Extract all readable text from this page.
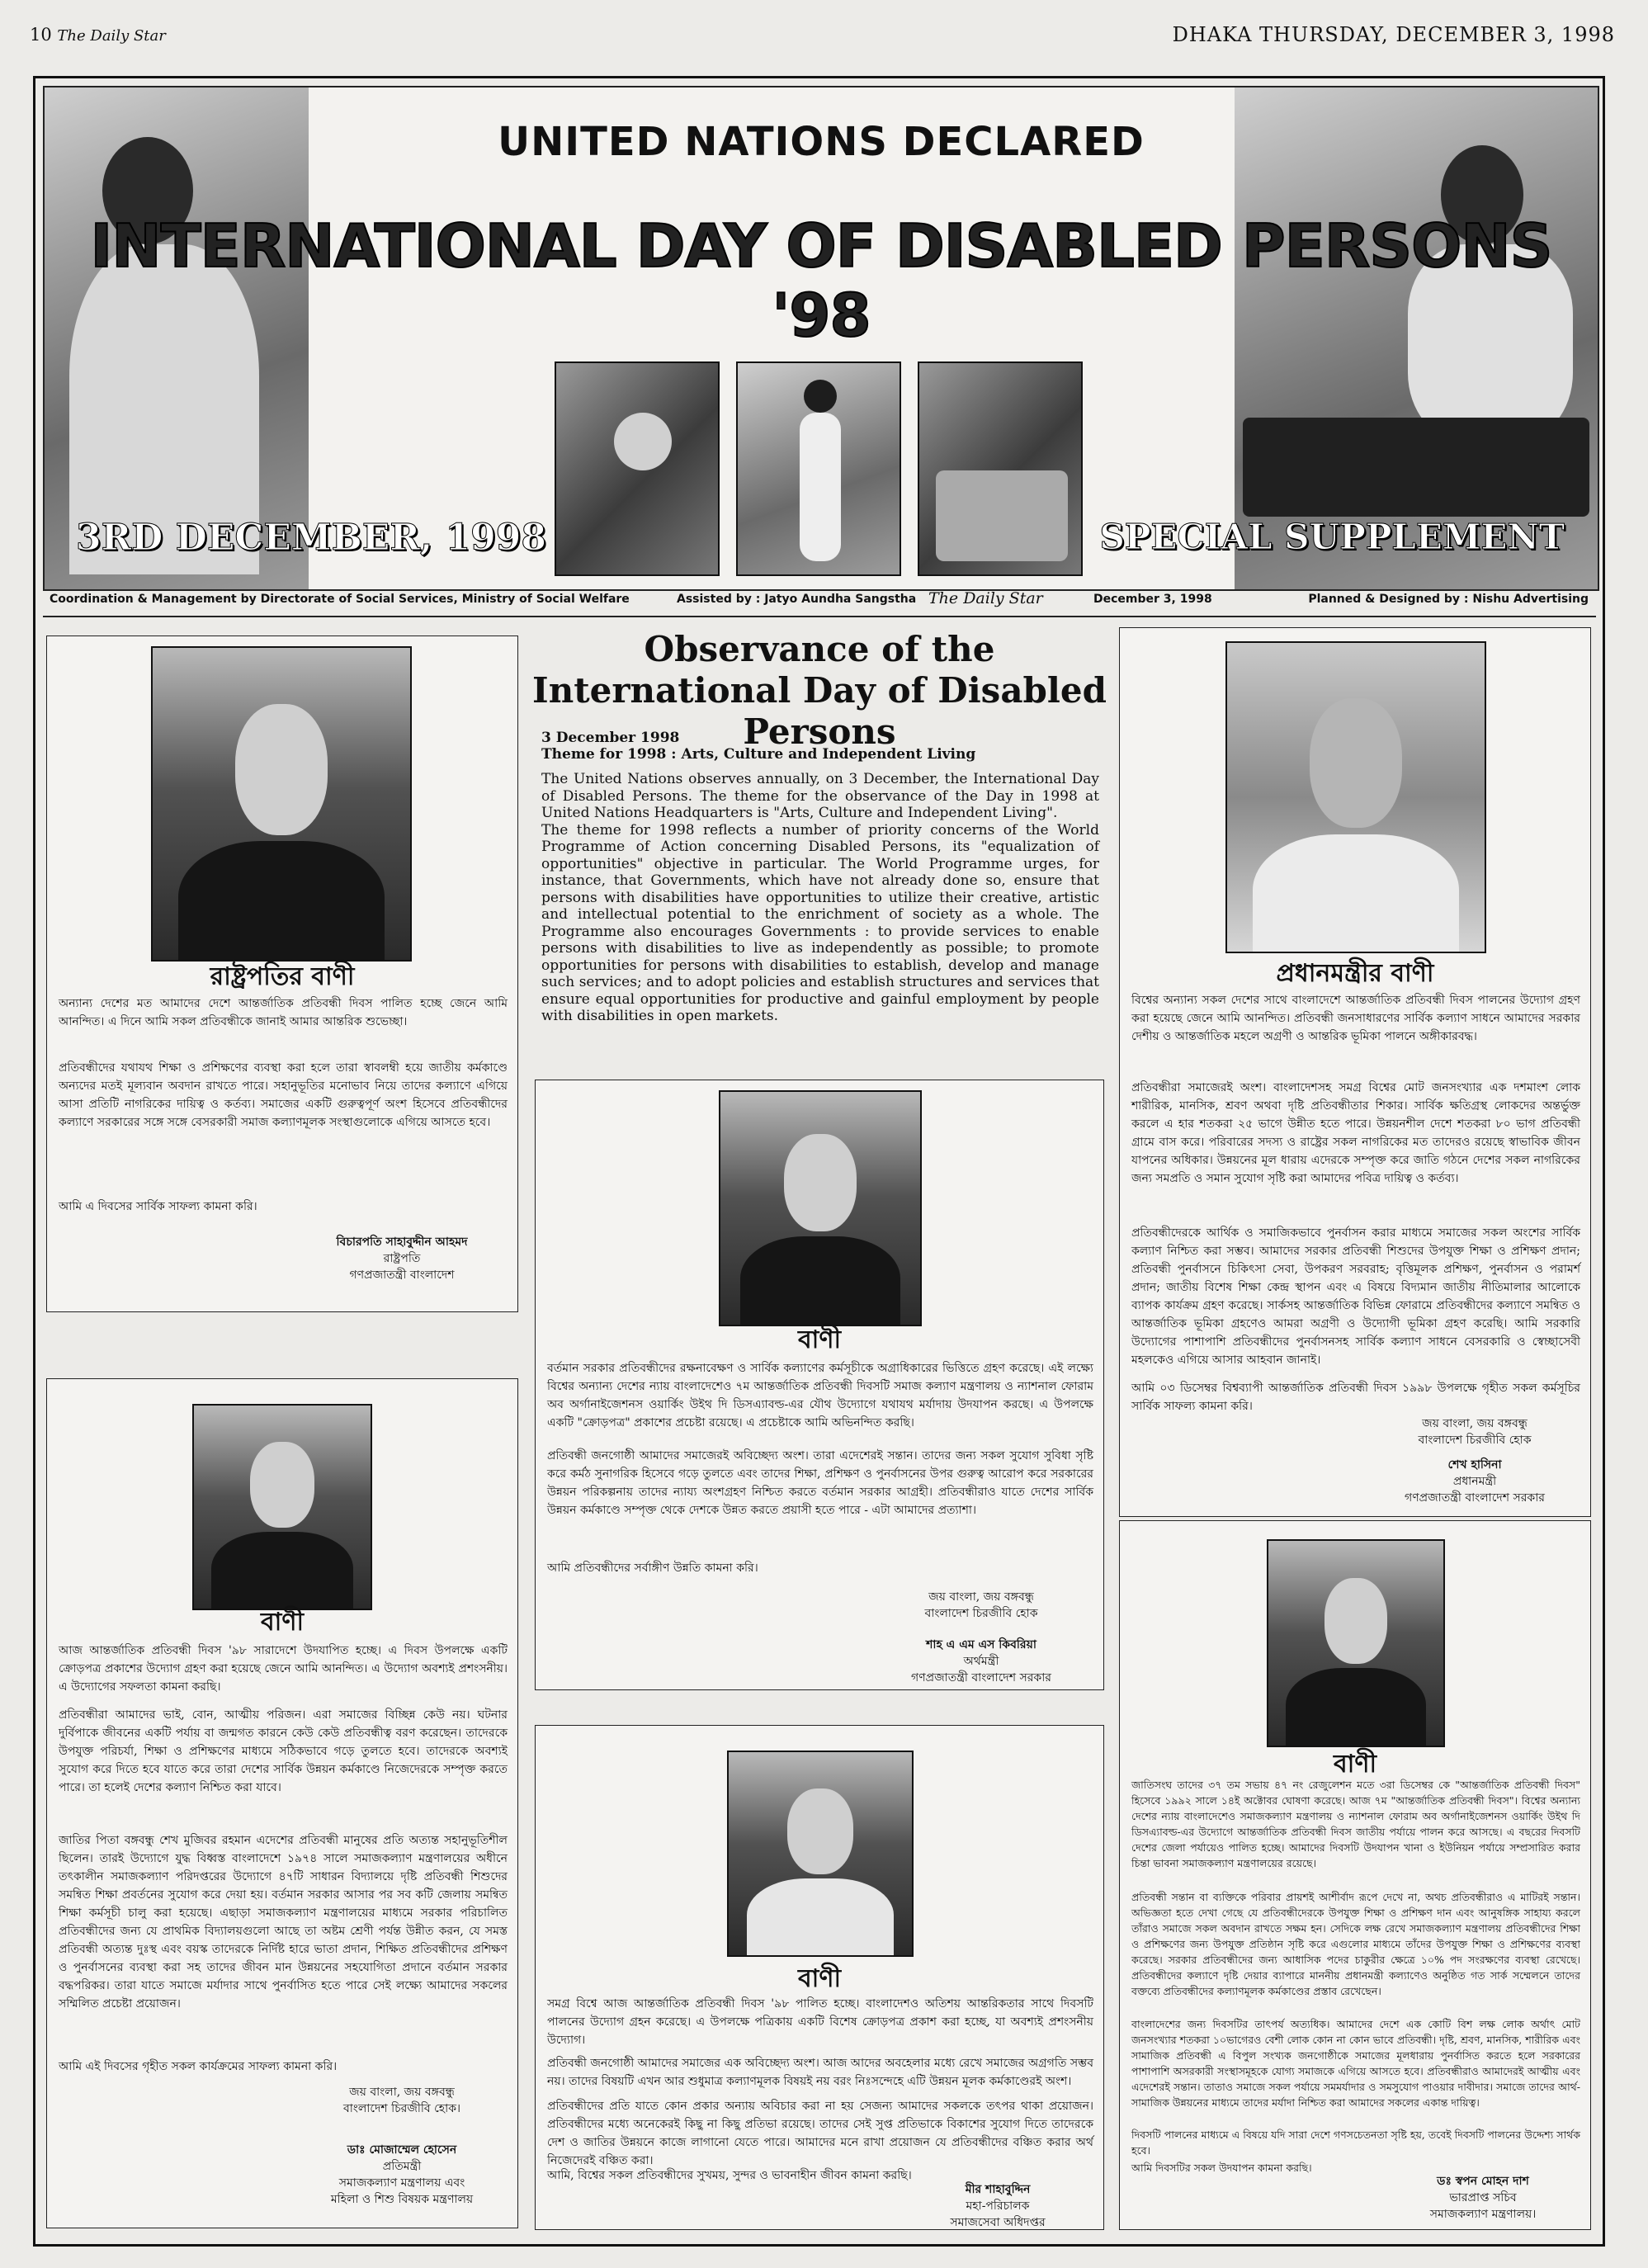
10 The Daily Star	DHAKA THURSDAY, DECEMBER 3, 1998
UNITED NATIONS DECLARED
INTERNATIONAL DAY OF DISABLED PERSONS '98
3RD DECEMBER, 1998	SPECIAL SUPPLEMENT
Coordination & Management by Directorate of Social Services, Ministry of Social Welfare	Assisted by : Jatyo Aundha Sangstha The Daily Star	December 3, 1998	Planned & Designed by : Nishu Advertising
রাষ্ট্রপতির বাণী
অন্যান্য দেশের মত আমাদের দেশে আন্তর্জাতিক প্রতিবন্ধী দিবস পালিত হচ্ছে জেনে আমি আনন্দিত। এ দিনে আমি সকল প্রতিবন্ধীকে জানাই আমার আন্তরিক শুভেচ্ছা।
প্রতিবন্ধীদের যথাযথ শিক্ষা ও প্রশিক্ষণের ব্যবস্থা করা হলে তারা স্বাবলম্বী হয়ে জাতীয় কর্মকাণ্ডে অন্যদের মতই মূল্যবান অবদান রাখতে পারে। সহানুভূতির মনোভাব নিয়ে তাদের কল্যাণে এগিয়ে আসা প্রতিটি নাগরিকের দায়িত্ব ও কর্তব্য। সমাজের একটি গুরুত্বপূর্ণ অংশ হিসেবে প্রতিবন্ধীদের কল্যাণে সরকারের সঙ্গে সঙ্গে বেসরকারী সমাজ কল্যাণমূলক সংস্থাগুলোকে এগিয়ে আসতে হবে।
আমি এ দিবসের সার্বিক সাফল্য কামনা করি।
বিচারপতি সাহাবুদ্দীন আহমদ
রাষ্ট্রপতি
গণপ্রজাতন্ত্রী বাংলাদেশ
বাণী
আজ আন্তর্জাতিক প্রতিবন্ধী দিবস '৯৮ সারাদেশে উদযাপিত হচ্ছে। এ দিবস উপলক্ষে একটি ক্রোড়পত্র প্রকাশের উদ্যোগ গ্রহণ করা হয়েছে জেনে আমি আনন্দিত। এ উদ্যোগ অবশ্যই প্রশংসনীয়। এ উদ্যোগের সফলতা কামনা করছি।
প্রতিবন্ধীরা আমাদের ভাই, বোন, আত্মীয় পরিজন। এরা সমাজের বিচ্ছিন্ন কেউ নয়। ঘটনার দুর্বিপাকে জীবনের একটি পর্যায় বা জন্মগত কারনে কেউ কেউ প্রতিবন্ধীত্ব বরণ করেছেন। তাদেরকে উপযুক্ত পরিচর্যা, শিক্ষা ও প্রশিক্ষণের মাধ্যমে সঠিকভাবে গড়ে তুলতে হবে। তাদেরকে অবশ্যই সুযোগ করে দিতে হবে যাতে করে তারা দেশের সার্বিক উন্নয়ন কর্মকাণ্ডে নিজেদেরকে সম্পৃক্ত করতে পারে। তা হলেই দেশের কল্যাণ নিশ্চিত করা যাবে।
জাতির পিতা বঙ্গবন্ধু শেখ মুজিবর রহমান এদেশের প্রতিবন্ধী মানুষের প্রতি অত্যন্ত সহানুভূতিশীল ছিলেন। তারই উদ্যোগে যুদ্ধ বিধ্বস্ত বাংলাদেশে ১৯৭৪ সালে সমাজকল্যাণ মন্ত্রণালয়ের অধীনে তৎকালীন সমাজকল্যাণ পরিদপ্তরের উদ্যোগে ৪৭টি সাধারন বিদ্যালয়ে দৃষ্টি প্রতিবন্ধী শিশুদের সমন্বিত শিক্ষা প্রবর্তনের সুযোগ করে দেয়া হয়। বর্তমান সরকার আসার পর সব কটি জেলায় সমন্বিত শিক্ষা কর্মসূচী চালু করা হয়েছে। এছাড়া সমাজকল্যাণ মন্ত্রণালয়ের মাধ্যমে সরকার পরিচালিত প্রতিবন্ধীদের জন্য যে প্রাথমিক বিদ্যালয়গুলো আছে তা অষ্টম শ্রেণী পর্যন্ত উন্নীত করন, যে সমস্ত প্রতিবন্ধী অত্যন্ত দুঃস্থ এবং বয়স্ক তাদেরকে নির্দিষ্ট হারে ভাতা প্রদান, শিক্ষিত প্রতিবন্ধীদের প্রশিক্ষণ ও পুনর্বাসনের ব্যবস্থা করা সহ তাদের জীবন মান উন্নয়নের সহযোগিতা প্রদানে বর্তমান সরকার বদ্ধপরিকর। তারা যাতে সমাজে মর্যাদার সাথে পুনর্বাসিত হতে পারে সেই লক্ষ্যে আমাদের সকলের সম্মিলিত প্রচেষ্টা প্রয়োজন।
আমি এই দিবসের গৃহীত সকল কার্যক্রমের সাফল্য কামনা করি।
জয় বাংলা, জয় বঙ্গবন্ধু
বাংলাদেশ চিরজীবি হোক।
ডাঃ মোজাম্মেল হোসেন
প্রতিমন্ত্রী
সমাজকল্যাণ মন্ত্রণালয় এবং
মহিলা ও শিশু বিষয়ক মন্ত্রণালয়
Observance of the International Day of Disabled Persons
3 December 1998
Theme for 1998 : Arts, Culture and Independent Living

The United Nations observes annually, on 3 December, the International Day of Disabled Persons. The theme for the observance of the Day in 1998 at United Nations Headquarters is "Arts, Culture and Independent Living".

The theme for 1998 reflects a number of priority concerns of the World Programme of Action concerning Disabled Persons, its "equalization of opportunities" objective in particular. The World Programme urges, for instance, that Governments, which have not already done so, ensure that persons with disabilities have opportunities to utilize their creative, artistic and intellectual potential to the enrichment of society as a whole. The Programme also encourages Governments : to provide services to enable persons with disabilities to live as independently as possible; to promote opportunities for persons with disabilities to establish, develop and manage such services; and to adopt policies and establish structures and services that ensure equal opportunities for productive and gainful employment by people with disabilities in open markets.

বাণী
বর্তমান সরকার প্রতিবন্ধীদের রক্ষনাবেক্ষণ ও সার্বিক কল্যাণের কর্মসূচীকে অগ্রাধিকারের ভিত্তিতে গ্রহণ করেছে। এই লক্ষ্যে বিশ্বের অন্যান্য দেশের ন্যায় বাংলাদেশেও ৭ম আন্তর্জাতিক প্রতিবন্ধী দিবসটি সমাজ কল্যাণ মন্ত্রণালয় ও ন্যাশনাল ফোরাম অব অর্গানাইজেশনস ওয়ার্কিং উইথ দি ডিসএ্যাবল্ড-এর যৌথ উদ্যোগে যথাযথ মর্যাদায় উদযাপন করছে। এ উপলক্ষে একটি "ক্রোড়পত্র" প্রকাশের প্রচেষ্টা রয়েছে। এ প্রচেষ্টাকে আমি অভিনন্দিত করছি।
প্রতিবন্ধী জনগোষ্ঠী আমাদের সমাজেরই অবিচ্ছেদ্য অংশ। তারা এদেশেরই সন্তান। তাদের জন্য সকল সুযোগ সুবিধা সৃষ্টি করে কর্মঠ সুনাগরিক হিসেবে গড়ে তুলতে এবং তাদের শিক্ষা, প্রশিক্ষণ ও পুনর্বাসনের উপর গুরুত্ব আরোপ করে সরকারের উন্নয়ন পরিকল্পনায় তাদের ন্যায্য অংশগ্রহণ নিশ্চিত করতে বর্তমান সরকার আগ্রহী। প্রতিবন্ধীরাও যাতে দেশের সার্বিক উন্নয়ন কর্মকাণ্ডে সম্পৃক্ত থেকে দেশকে উন্নত করতে প্রয়াসী হতে পারে - এটা আমাদের প্রত্যাশা।
আমি প্রতিবন্ধীদের সর্বাঙ্গীণ উন্নতি কামনা করি।
জয় বাংলা, জয় বঙ্গবন্ধু
বাংলাদেশ চিরজীবি হোক
শাহ এ এম এস কিবরিয়া
অর্থমন্ত্রী
গণপ্রজাতন্ত্রী বাংলাদেশ সরকার
বাণী
সমগ্র বিশ্বে আজ আন্তর্জাতিক প্রতিবন্ধী দিবস '৯৮ পালিত হচ্ছে। বাংলাদেশও অতিশয় আন্তরিকতার সাথে দিবসটি পালনের উদ্যোগ গ্রহন করেছে। এ উপলক্ষে পত্রিকায় একটি বিশেষ ক্রোড়পত্র প্রকাশ করা হচ্ছে, যা অবশ্যই প্রশংসনীয় উদ্যোগ।
প্রতিবন্ধী জনগোষ্ঠী আমাদের সমাজের এক অবিচ্ছেদ্য অংশ। আজ আদের অবহেলার মধ্যে রেখে সমাজের অগ্রগতি সম্ভব নয়। তাদের বিষয়টি এখন আর শুধুমাত্র কল্যাণমূলক বিষয়ই নয় বরং নিঃসন্দেহে এটি উন্নয়ন মূলক কর্মকাণ্ডেরই অংশ।
প্রতিবন্ধীদের প্রতি যাতে কোন প্রকার অন্যায় অবিচার করা না হয় সেজন্য আমাদের সকলকে তৎপর থাকা প্রয়োজন। প্রতিবন্ধীদের মধ্যে অনেকেরই কিছু না কিছু প্রতিভা রয়েছে। তাদের সেই সুপ্ত প্রতিভাকে বিকাশের সুযোগ দিতে তাদেরকে দেশ ও জাতির উন্নয়নে কাজে লাগানো যেতে পারে। আমাদের মনে রাখা প্রয়োজন যে প্রতিবন্ধীদের বঞ্চিত করার অর্থ নিজেদেরই বঞ্চিত করা।
আমি, বিশ্বের সকল প্রতিবন্ধীদের সুখময়, সুন্দর ও ভাবনাহীন জীবন কামনা করছি।
মীর শাহাবুদ্দিন
মহা-পরিচালক
সমাজসেবা অধিদপ্তর
প্রধানমন্ত্রীর বাণী
বিশ্বের অন্যান্য সকল দেশের সাথে বাংলাদেশে আন্তর্জাতিক প্রতিবন্ধী দিবস পালনের উদ্যোগ গ্রহণ করা হয়েছে জেনে আমি আনন্দিত। প্রতিবন্ধী জনসাধারণের সার্বিক কল্যাণ সাধনে আমাদের সরকার দেশীয় ও আন্তর্জাতিক মহলে অগ্রণী ও আন্তরিক ভূমিকা পালনে অঙ্গীকারবদ্ধ।
প্রতিবন্ধীরা সমাজেরই অংশ। বাংলাদেশসহ সমগ্র বিশ্বের মোট জনসংখ্যার এক দশমাংশ লোক শারীরিক, মানসিক, শ্রবণ অথবা দৃষ্টি প্রতিবন্ধীতার শিকার। সার্বিক ক্ষতিগ্রস্থ লোকদের অন্তর্ভুক্ত করলে এ হার শতকরা ২৫ ভাগে উন্নীত হতে পারে। উন্নয়নশীল দেশে শতকরা ৮০ ভাগ প্রতিবন্ধী গ্রামে বাস করে। পরিবারের সদস্য ও রাষ্ট্রের সকল নাগরিকের মত তাদেরও রয়েছে স্বাভাবিক জীবন যাপনের অধিকার। উন্নয়নের মূল ধারায় এদেরকে সম্পৃক্ত করে জাতি গঠনে দেশের সকল নাগরিকের জন্য সমপ্রতি ও সমান সুযোগ সৃষ্টি করা আমাদের পবিত্র দায়িত্ব ও কর্তব্য।
প্রতিবন্ধীদেরকে আর্থিক ও সমাজিকভাবে পুনর্বাসন করার মাধ্যমে সমাজের সকল অংশের সার্বিক কল্যাণ নিশ্চিত করা সম্ভব। আমাদের সরকার প্রতিবন্ধী শিশুদের উপযুক্ত শিক্ষা ও প্রশিক্ষণ প্রদান; প্রতিবন্ধী পুনর্বাসনে চিকিৎসা সেবা, উপকরণ সরবরাহ; বৃত্তিমূলক প্রশিক্ষণ, পুনর্বাসন ও পরামর্শ প্রদান; জাতীয় বিশেষ শিক্ষা কেন্দ্র স্থাপন এবং এ বিষয়ে বিদ্যমান জাতীয় নীতিমালার আলোকে ব্যাপক কার্যক্রম গ্রহণ করেছে। সার্কসহ আন্তর্জাতিক বিভিন্ন ফোরামে প্রতিবন্ধীদের কল্যাণে সমন্বিত ও আন্তর্জাতিক ভূমিকা গ্রহণেও আমরা অগ্রণী ও উদ্যোগী ভূমিকা গ্রহণ করেছি। আমি সরকারি উদ্যোগের পাশাপাশি প্রতিবন্ধীদের পুনর্বাসনসহ সার্বিক কল্যাণ সাধনে বেসরকারি ও স্বেচ্ছাসেবী মহলকেও এগিয়ে আসার আহবান জানাই।
আমি ০৩ ডিসেম্বর বিশ্বব্যাপী আন্তর্জাতিক প্রতিবন্ধী দিবস ১৯৯৮ উপলক্ষে গৃহীত সকল কর্মসূচির সার্বিক সাফল্য কামনা করি।
জয় বাংলা, জয় বঙ্গবন্ধু
বাংলাদেশ চিরজীবি হোক
শেখ হাসিনা
প্রধানমন্ত্রী
গণপ্রজাতন্ত্রী বাংলাদেশ সরকার
বাণী
জাতিসংঘ তাদের ৩৭ তম সভায় ৪৭ নং রেজুলেশন মতে ৩রা ডিসেম্বর কে "আন্তর্জাতিক প্রতিবন্ধী দিবস" হিসেবে ১৯৯২ সালে ১৪ই অক্টোবর ঘোষণা করেছে। আজ ৭ম "আন্তর্জাতিক প্রতিবন্ধী দিবস"। বিশ্বের অন্যান্য দেশের ন্যায় বাংলাদেশেও সমাজকল্যাণ মন্ত্রণালয় ও ন্যাশনাল ফোরাম অব অর্গানাইজেশনস ওয়ার্কিং উইথ দি ডিসএ্যাবল্ড-এর উদ্যোগে আন্তর্জাতিক প্রতিবন্ধী দিবস জাতীয় পর্যায়ে পালন করে আসছে। এ বছরের দিবসটি দেশের জেলা পর্যায়েও পালিত হচ্ছে। আমাদের দিবসটি উদযাপন খানা ও ইউনিয়ন পর্যায়ে সম্প্রসারিত করার চিন্তা ভাবনা সমাজকল্যাণ মন্ত্রণালয়ের রয়েছে।
প্রতিবন্ধী সন্তান বা ব্যক্তিকে পরিবার প্রায়শই আশীর্বাদ রূপে দেখে না, অথচ প্রতিবন্ধীরাও এ মাটিরই সন্তান। অভিজ্ঞতা হতে দেখা গেছে যে প্রতিবন্ধীদেরকে উপযুক্ত শিক্ষা ও প্রশিক্ষণ দান এবং আনুষঙ্গিক সাহায্য করলে তাঁরাও সমাজে সকল অবদান রাখতে সক্ষম হন। সেদিকে লক্ষ রেখে সমাজকল্যাণ মন্ত্রণালয় প্রতিবন্ধীদের শিক্ষা ও প্রশিক্ষণের জন্য উপযুক্ত প্রতিষ্ঠান সৃষ্টি করে এগুলোর মাধ্যমে তাঁদের উপযুক্ত শিক্ষা ও প্রশিক্ষণের ব্যবস্থা করেছে। সরকার প্রতিবন্ধীদের জন্য আধাসিক পদের চাকুরীর ক্ষেত্রে ১০% পদ সংরক্ষণের ব্যবস্থা রেখেছে। প্রতিবন্ধীদের কল্যাণে দৃষ্টি দেয়ার ব্যাপারে মাননীয় প্রধানমন্ত্রী কল্যাণেও অনুষ্ঠিত গত সার্ক সম্মেলনে তাদের বক্তব্যে প্রতিবন্ধীদের কল্যাণমূলক কর্মকাণ্ডের প্রস্তাব রেখেছেন।
বাংলাদেশের জন্য দিবসটির তাৎপর্য অত্যধিক। আমাদের দেশে এক কোটি বিশ লক্ষ লোক অর্থাৎ মোট জনসংখ্যার শতকরা ১০ভাগেরও বেশী লোক কোন না কোন ভাবে প্রতিবন্ধী। দৃষ্টি, শ্রবণ, মানসিক, শারীরিক এবং সামাজিক প্রতিবন্ধী এ বিপুল সংখ্যক জনগোষ্ঠীকে সমাজের মূলধারায় পুনর্বাসিত করতে হলে সরকারের পাশাপাশি অসরকারী সংস্থাসমূহকে যোগ্য সমাজকে এগিয়ে আসতে হবে। প্রতিবন্ধীরাও আমাদেরই আত্মীয় এবং এদেশেরই সন্তান। তাতাও সমাজে সকল পর্যায়ে সমমর্যাদার ও সমসুযোগ পাওয়ার দাবীদার। সমাজে তাদের আর্থ-সামাজিক উন্নয়নের মাধ্যমে তাদের মর্যাদা নিশ্চিত করা আমাদের সকলের একান্ত দায়িত্ব।
দিবসটি পালনের মাধ্যমে এ বিষয়ে যদি সারা দেশে গণসচেতনতা সৃষ্টি হয়, তবেই দিবসটি পালনের উদ্দেশ্য সার্থক হবে।
আমি দিবসটির সকল উদযাপন কামনা করছি।
ডঃ স্বপন মোহন দাশ
ভারপ্রাপ্ত সচিব
সমাজকল্যাণ মন্ত্রণালয়।
